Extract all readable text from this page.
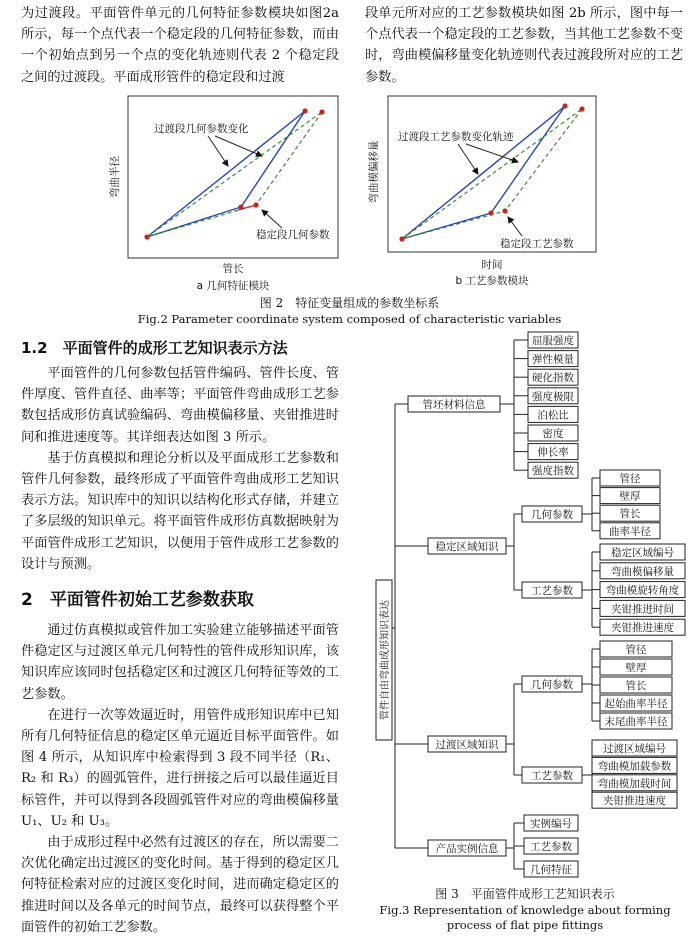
为过渡段。平面管件单元的几何特征参数模块如图2a所示，每一个点代表一个稳定段的几何特征参数，而由一个初始点到另一个点的变化轨迹则代表 2 个稳定段之间的过渡段。平面成形管件的稳定段和过渡

段单元所对应的工艺参数模块如图 2b 所示，图中每一个点代表一个稳定段的工艺参数，当其他工艺参数不变时，弯曲模偏移量变化轨迹则代表过渡段所对应的工艺参数。

弯曲半径
管长
过渡段几何参数变化
稳定段几何参数
a 几何特征模块
弯曲模偏移量
时间
过渡段工艺参数变化轨迹
稳定段工艺参数
b 工艺参数模块
图 2　特征变量组成的参数坐标系
Fig.2 Parameter coordinate system composed of characteristic variables
1.2　平面管件的成形工艺知识表示方法

平面管件的几何参数包括管件编码、管件长度、管件厚度、管件直径、曲率等；平面管件弯曲成形工艺参数包括成形仿真试验编码、弯曲模偏移量、夹钳推进时间和推进速度等。其详细表达如图 3 所示。

基于仿真模拟和理论分析以及平面成形工艺参数和管件几何参数，最终形成了平面管件弯曲成形工艺知识表示方法。知识库中的知识以结构化形式存储，并建立了多层级的知识单元。将平面管件成形仿真数据映射为平面管件成形工艺知识，以便用于管件成形工艺参数的设计与预测。

2　平面管件初始工艺参数获取

通过仿真模拟或管件加工实验建立能够描述平面管件稳定区与过渡区单元几何特性的管件成形知识库，该知识库应该同时包括稳定区和过渡区几何特征等效的工艺参数。

在进行一次等效逼近时，用管件成形知识库中已知所有几何特征信息的稳定区单元逼近目标平面管件。如图 4 所示，从知识库中检索得到 3 段不同半径（R₁、R₂ 和 R₃）的圆弧管件，进行拼接之后可以最佳逼近目标管件，并可以得到各段圆弧管件对应的弯曲模偏移量 U₁、U₂ 和 U₃。

由于成形过程中必然有过渡区的存在，所以需要二次优化确定出过渡区的变化时间。基于得到的稳定区几何特征检索对应的过渡区变化时间，进而确定稳定区的推进时间以及各单元的时间节点，最终可以获得整个平面管件的初始工艺参数。

管件自由弯曲成形知识表达
管坯材料信息
稳定区域知识
过渡区域知识
产品实例信息
几何参数
工艺参数
几何参数
工艺参数
屈服强度
弹性模量
硬化指数
强度极限
泊松比
密度
伸长率
强度指数
管径
壁厚
管长
曲率半径
稳定区域编号
弯曲模偏移量
弯曲模旋转角度
夹钳推进时间
夹钳推进速度
管径
壁厚
管长
起始曲率半径
末尾曲率半径
过渡区域编号
弯曲模加载参数
弯曲模加载时间
夹钳推进速度
实例编号
工艺参数
几何特征
图 3　平面管件成形工艺知识表示
Fig.3 Representation of knowledge about forming
process of flat pipe fittings
